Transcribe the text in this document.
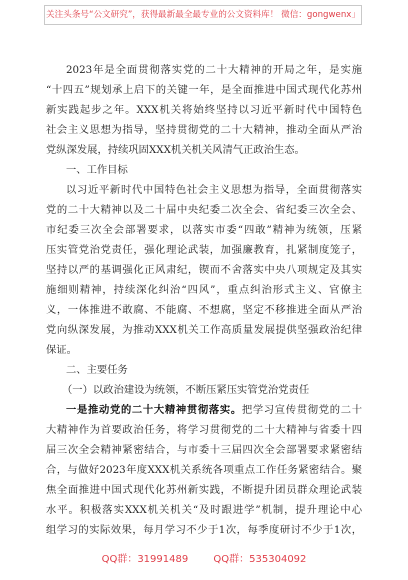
关注头条号“公文研究”，获得最新最全最专业的公文资料库！ 微信：gongwenx」
2023年是全面贯彻落实党的二十大精神的开局之年，是实施
“十四五”规划承上启下的关键一年，是全面推进中国式现代化苏州
新实践起步之年。XXX机关将始终坚持以习近平新时代中国特色
社会主义思想为指导，坚持贯彻党的二十大精神，推动全面从严治
党纵深发展，持续巩固XXX机关机关风清气正政治生态。
一、工作目标
以习近平新时代中国特色社会主义思想为指导，全面贯彻落实
党的二十大精神以及二十届中央纪委二次全会、省纪委三次全会、
市纪委三次全会部署要求，以落实市委“四敢”精神为统领，压紧
压实管党治党责任，强化理论武装，加强廉教育，扎紧制度笼子，
坚持以严的基调强化正风肃纪，锲而不舍落实中央八项规定及其实
施细则精神，持续深化纠治“四风”，重点纠治形式主义、官僚主
义，一体推进不敢腐、不能腐、不想腐，坚定不移推进全面从严治
党向纵深发展，为推动XXX机关工作高质量发展提供坚强政治纪律
保证。
二、主要任务
（一）以政治建设为统领，不断压紧压实管党治党责任
一是推动党的二十大精神贯彻落实。把学习宣传贯彻党的二十
大精神作为首要政治任务，将学习贯彻党的二十大精神与省委十四
届三次全会精神紧密结合，与市委十三届四次全会部署要求紧密结
合，与做好2023年度XXX机关系统各项重点工作任务紧密结合。聚
焦全面推进中国式现代化苏州新实践，不断提升团员群众理论武装
水平。积极落实XXX机关机关“及时跟进学”机制，提升理论中心
组学习的实际效果，每月学习不少于1次，每季度研讨不少于1次，
QQ群：31991489	QQ群：535304092
